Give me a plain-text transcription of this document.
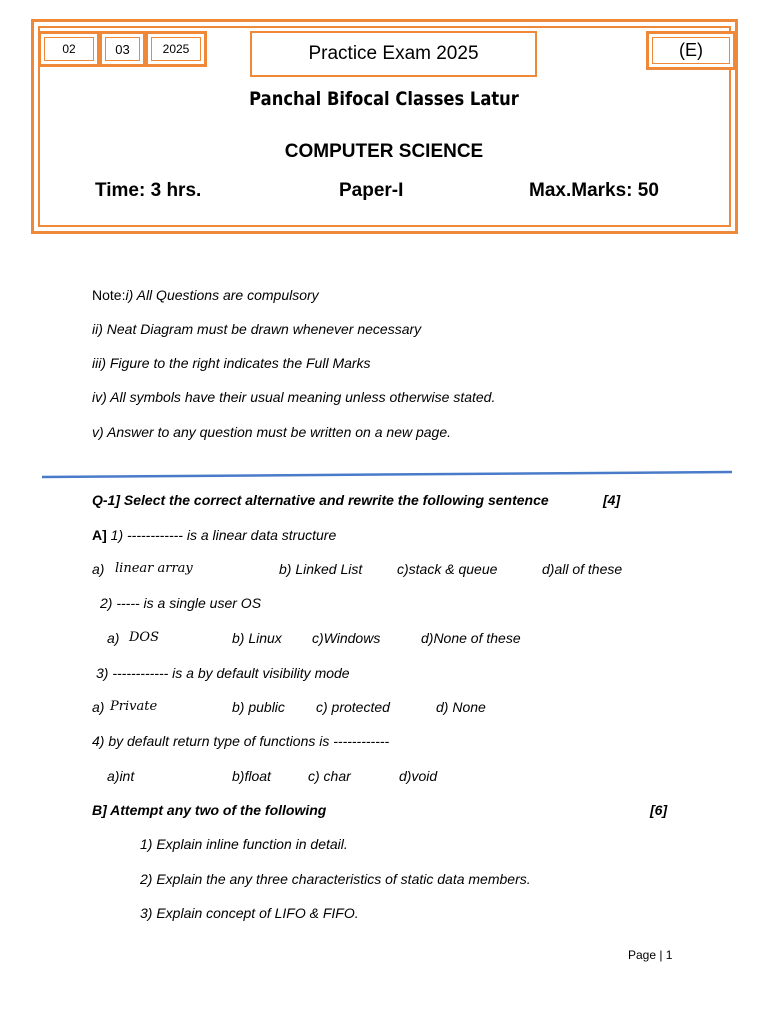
02	03	2025	Practice Exam 2025	(E)
Panchal Bifocal Classes Latur
COMPUTER SCIENCE
Time: 3 hrs.	Paper-I	Max.Marks: 50
Note:i) All Questions are compulsory
ii) Neat Diagram must be drawn whenever necessary
iii) Figure to the right indicates the Full Marks
iv) All symbols have their usual meaning unless otherwise stated.
v) Answer to any question must be written on a new page.
Q-1] Select the correct alternative and rewrite the following sentence	[4]
A] 1) ------------ is a linear data structure
a) linear array	b) Linked List c)stack & queue	d)all of these
2) ----- is a single user OS
a) DOS	b) Linux c)Windows	d)None of these
3) ------------ is a by default visibility mode
a) Private	b) public c) protected	d) None
4) by default return type of functions is ------------
a)int	b)float	c) char	d)void
B] Attempt any two of the following	[6]
1) Explain inline function in detail.
2) Explain the any three characteristics of static data members.
3) Explain concept of LIFO & FIFO.
Page | 1
